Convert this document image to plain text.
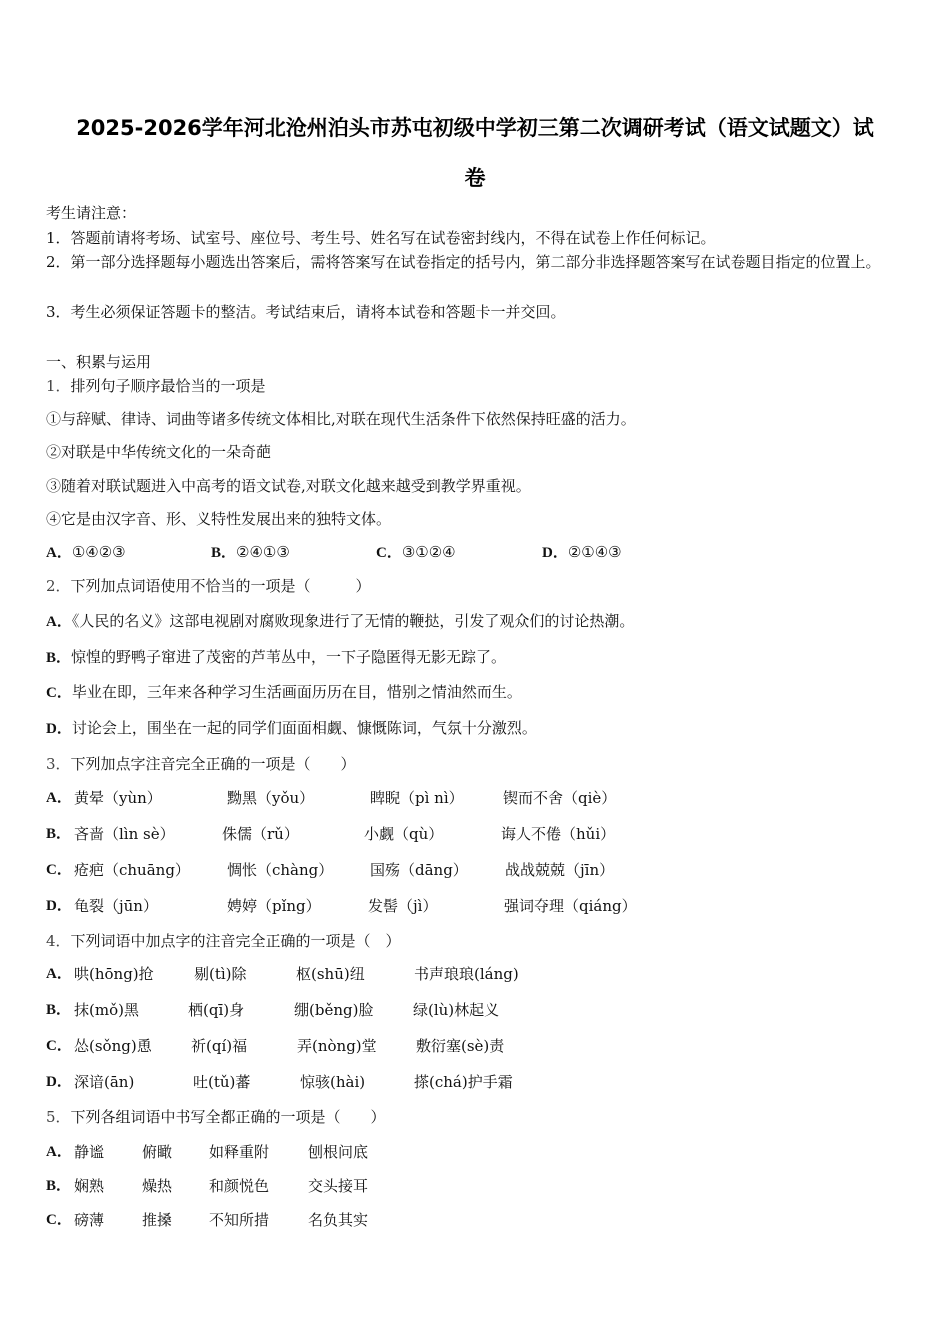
2025-2026学年河北沧州泊头市苏屯初级中学初三第二次调研考试（语文试题文）试
卷
考生请注意：
1．答题前请将考场、试室号、座位号、考生号、姓名写在试卷密封线内，不得在试卷上作任何标记。
2．第一部分选择题每小题选出答案后，需将答案写在试卷指定的括号内，第二部分非选择题答案写在试卷题目指定的位置上。
3．考生必须保证答题卡的整洁。考试结束后，请将本试卷和答题卡一并交回。
一、积累与运用
1．排列句子顺序最恰当的一项是
①与辞赋、律诗、词曲等诸多传统文体相比,对联在现代生活条件下依然保持旺盛的活力。
②对联是中华传统文化的一朵奇葩
③随着对联试题进入中高考的语文试卷,对联文化越来越受到教学界重视。
④它是由汉字音、形、义特性发展出来的独特文体。
A．①④②③	B．②④①③	C．③①②④	D．②①④③
2．下列加点词语使用不恰当的一项是（　　　）
A．《人民的名义》这部电视剧对腐败现象进行了无情的鞭挞，引发了观众们的讨论热潮。
B．惊惶的野鸭子窜进了茂密的芦苇丛中，一下子隐匿得无影无踪了。
C．毕业在即，三年来各种学习生活画面历历在目，惜别之情油然而生。
D．讨论会上，围坐在一起的同学们面面相觑、慷慨陈词，气氛十分激烈。
3．下列加点字注音完全正确的一项是（　　）
A． 黄晕（yùn）	黝黑（yǒu）	睥睨（pì nì）	锲而不舍（qiè）
B． 吝啬（lìn sè）	侏儒（rǔ）	小觑（qù）	诲人不倦（hǔi）
C． 疮疤（chuāng） 惆怅（chàng） 国殇（dāng） 战战兢兢（jīn）
D． 龟裂（jūn）	娉婷（pǐng）	发髻（jì）	强词夺理（qiáng）
4．下列词语中加点字的注音完全正确的一项是（　）
A． 哄(hōng)抢	剔(tì)除	枢(shū)纽	书声琅琅(láng)
B． 抹(mǒ)黑	栖(qī)身	绷(běng)脸	绿(lù)林起义
C． 怂(sǒng)恿	祈(qí)福	弄(nòng)堂	敷衍塞(sè)责
D． 深谙(ān)	吐(tǔ)蕃	惊骇(hài)	搽(chá)护手霜
5．下列各组词语中书写全都正确的一项是（　　）
A． 静谧	俯瞰 如释重附	刨根问底
B． 娴熟	燥热 和颜悦色	交头接耳
C． 磅薄	推搡 不知所措	名负其实
